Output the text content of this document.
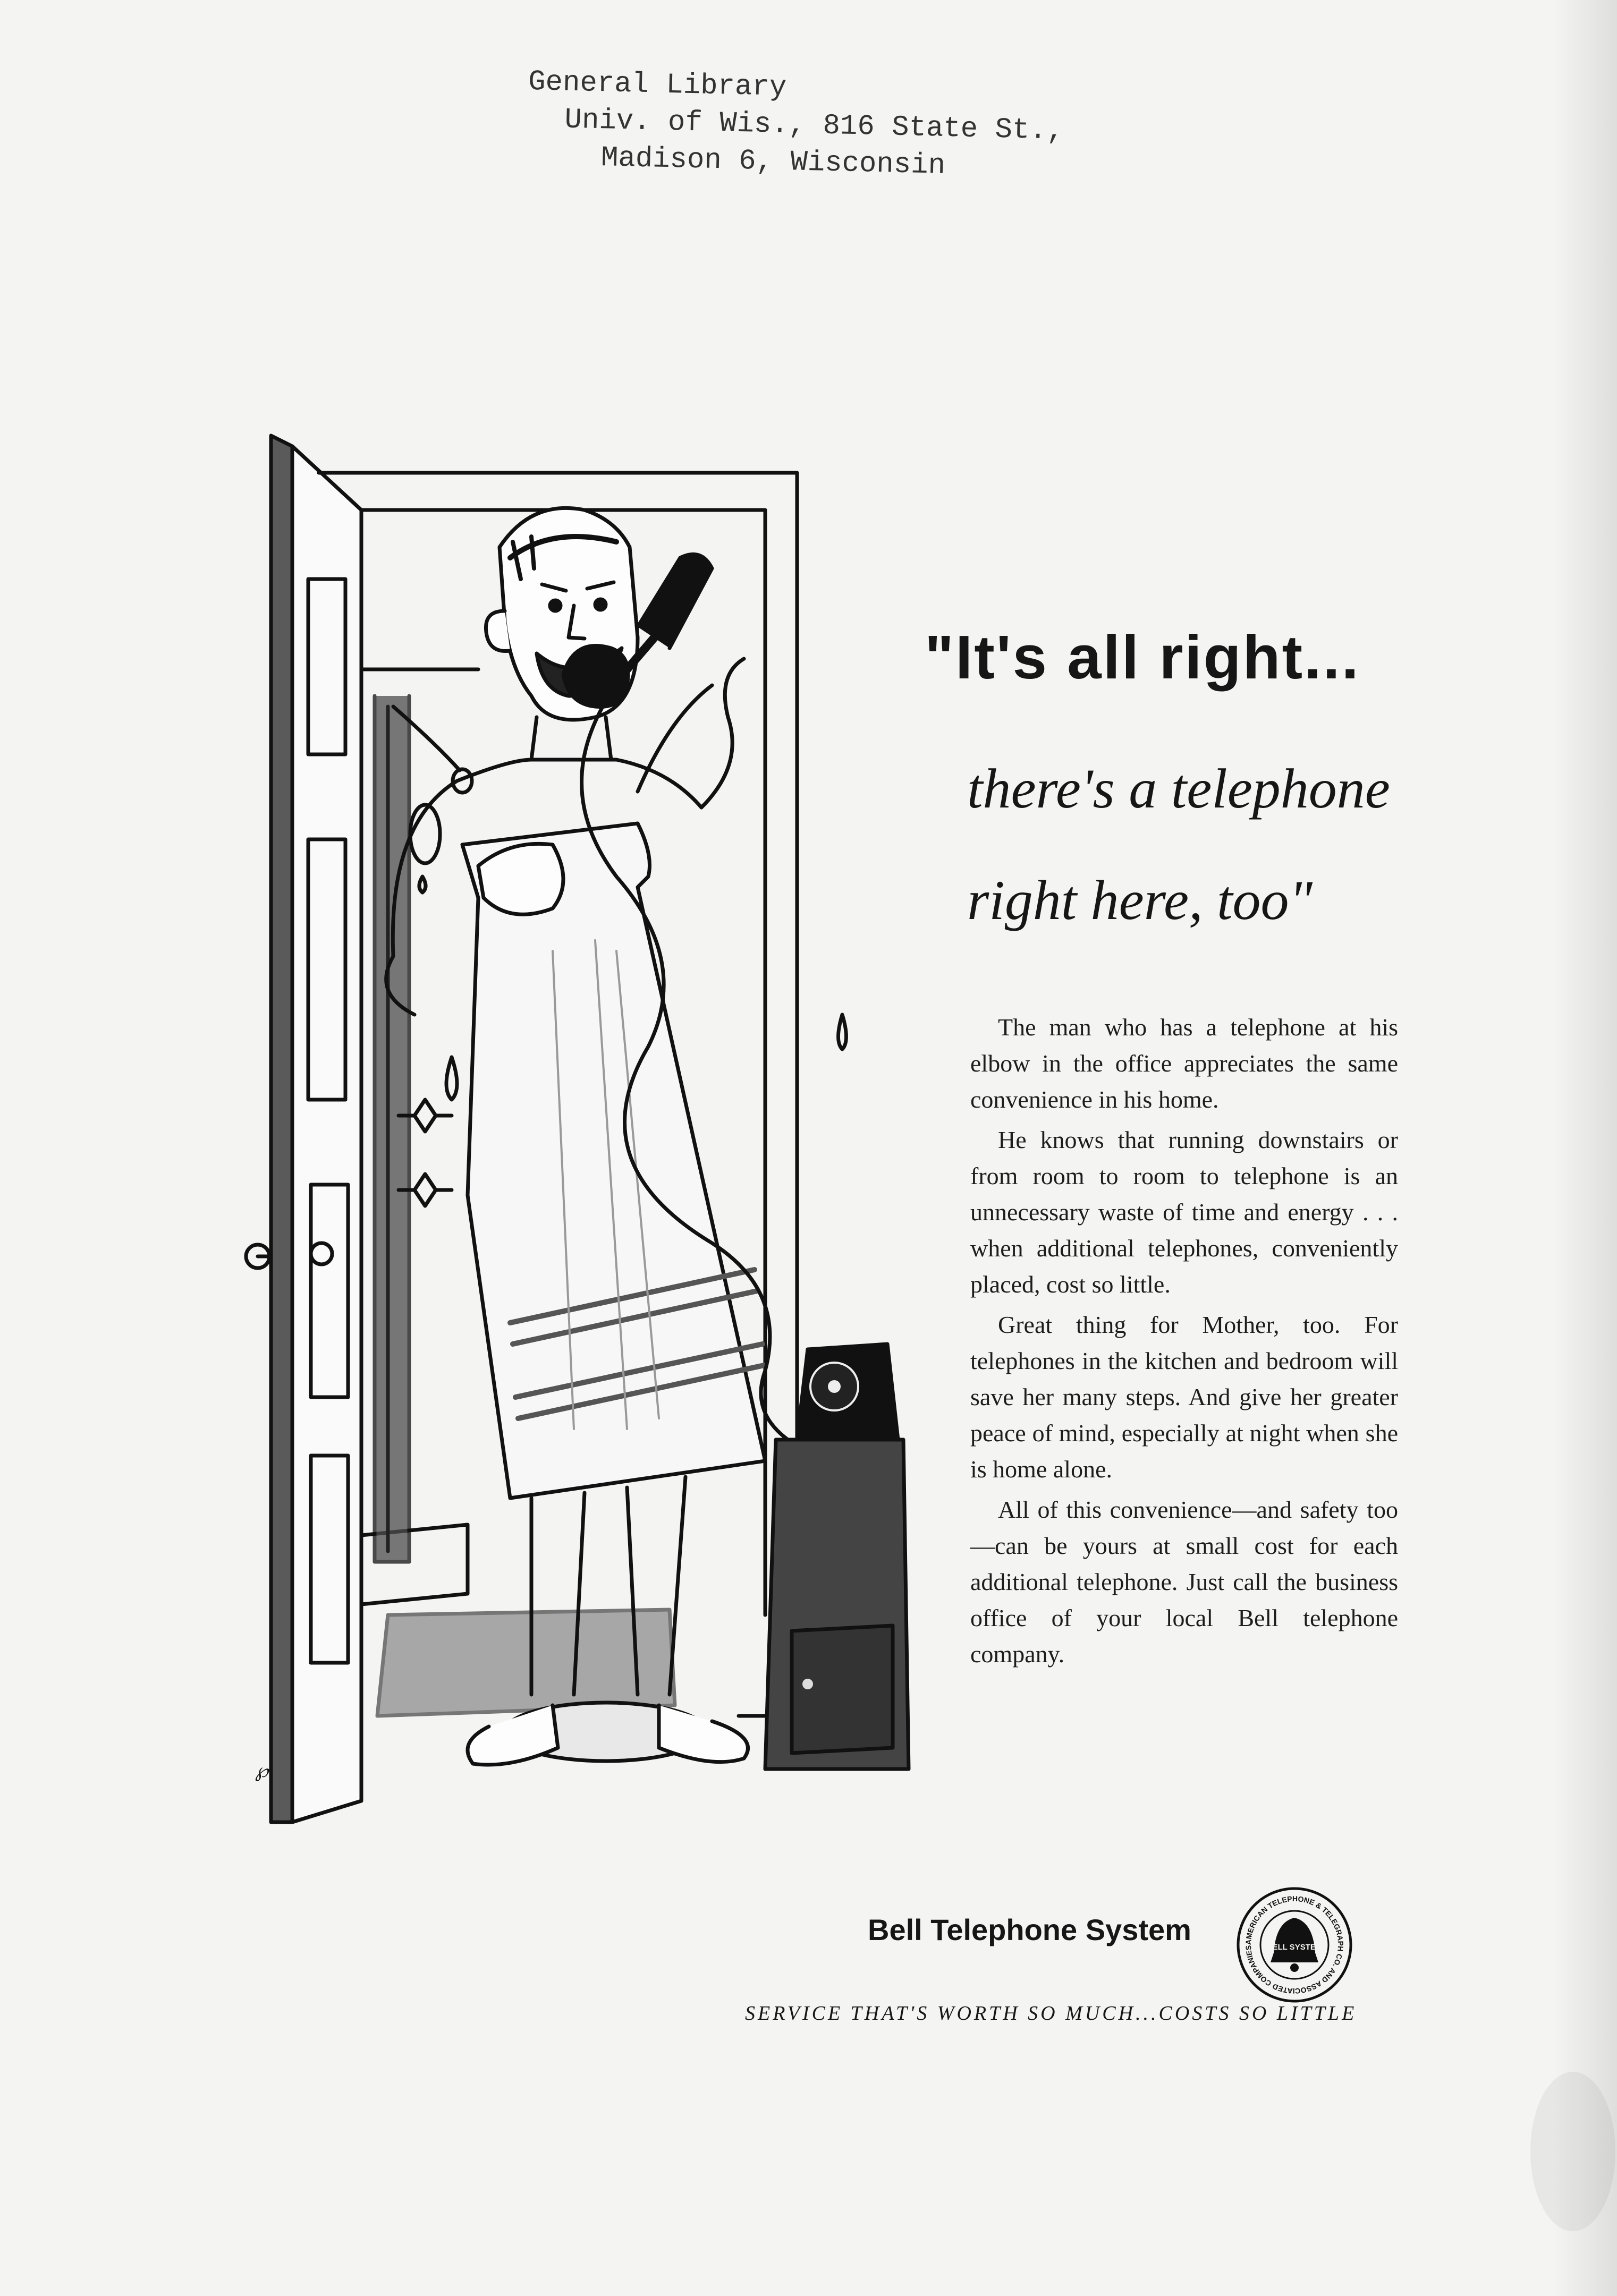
General Library
Univ. of Wis., 816 State St.,
Madison 6, Wisconsin
℘
"It's all right...
there's a telephone
right here, too"

The man who has a telephone at his elbow in the office appreciates the same convenience in his home.

He knows that running downstairs or from room to room to telephone is an unnecessary waste of time and energy . . . when additional telephones, conveniently placed, cost so little.

Great thing for Mother, too. For telephones in the kitchen and bedroom will save her many steps. And give her greater peace of mind, especially at night when she is home alone.

All of this convenience—and safety too—can be yours at small cost for each additional telephone. Just call the business office of your local Bell telephone company.

Bell Telephone System	AMERICAN TELEPHONE & TELEGRAPH CO. AND ASSOCIATED COMPANIES	BELL SYSTEM
SERVICE THAT'S WORTH SO MUCH...COSTS SO LITTLE
